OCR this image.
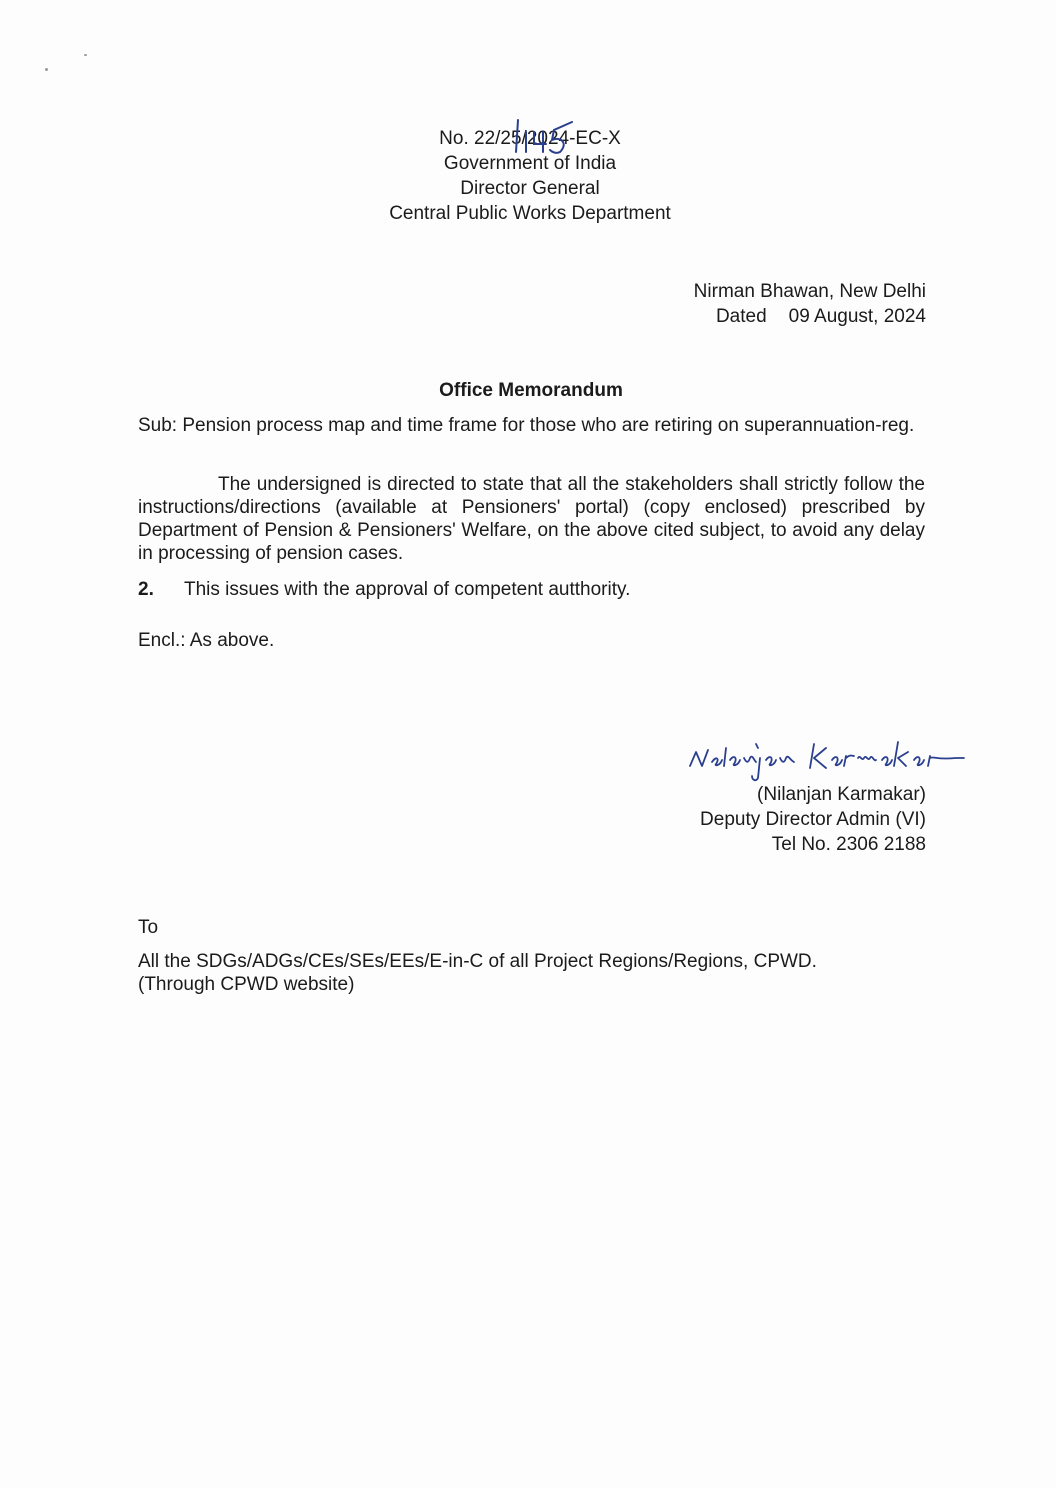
No. 22/25/2024-EC-X
Government of India
Director General
Central Public Works Department
Nirman Bhawan, New Delhi
Dated 09 August, 2024
Office Memorandum
Sub: Pension process map and time frame for those who are retiring on superannuation-reg.
The undersigned is directed to state that all the stakeholders shall strictly follow the instructions/directions (available at Pensioners' portal) (copy enclosed) prescribed by Department of Pension & Pensioners' Welfare, on the above cited subject, to avoid any delay in processing of pension cases.
2. This issues with the approval of competent autthority.
Encl.: As above.
(Nilanjan Karmakar)
Deputy Director Admin (VI)
Tel No. 2306 2188
To
All the SDGs/ADGs/CEs/SEs/EEs/E-in-C of all Project Regions/Regions, CPWD.
(Through CPWD website)
